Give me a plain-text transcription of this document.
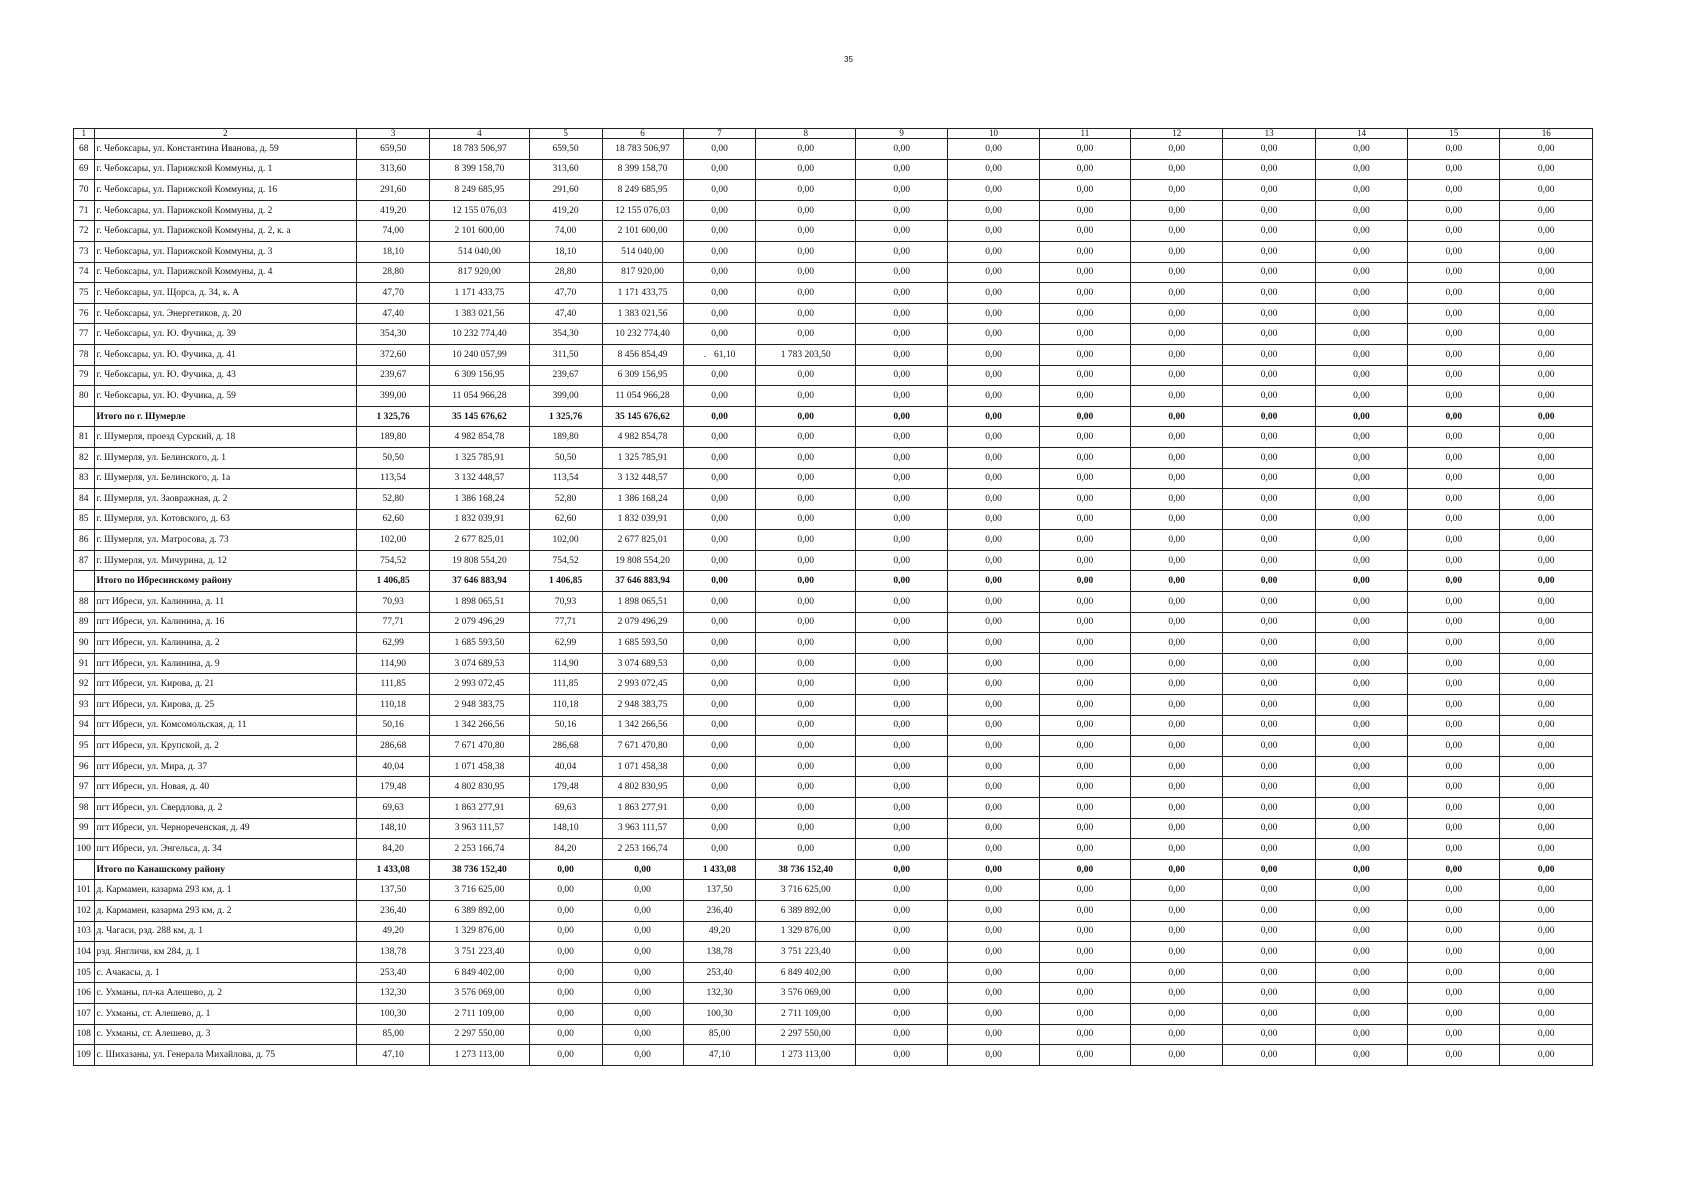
35
1	2	3	4	5	6	7	8	9	10	11	12	13	14	15	16
68	г. Чебоксары, ул. Константина Иванова, д. 59	659,50	18 783 506,97	659,50	18 783 506,97	0,00	0,00	0,00	0,00	0,00	0,00	0,00	0,00	0,00	0,00
69	г. Чебоксары, ул. Парижской Коммуны, д. 1	313,60	8 399 158,70	313,60	8 399 158,70	0,00	0,00	0,00	0,00	0,00	0,00	0,00	0,00	0,00	0,00
70	г. Чебоксары, ул. Парижской Коммуны, д. 16	291,60	8 249 685,95	291,60	8 249 685,95	0,00	0,00	0,00	0,00	0,00	0,00	0,00	0,00	0,00	0,00
71	г. Чебоксары, ул. Парижской Коммуны, д. 2	419,20	12 155 076,03	419,20	12 155 076,03	0,00	0,00	0,00	0,00	0,00	0,00	0,00	0,00	0,00	0,00
72	г. Чебоксары, ул. Парижской Коммуны, д. 2, к. а	74,00	2 101 600,00	74,00	2 101 600,00	0,00	0,00	0,00	0,00	0,00	0,00	0,00	0,00	0,00	0,00
73	г. Чебоксары, ул. Парижской Коммуны, д. 3	18,10	514 040,00	18,10	514 040,00	0,00	0,00	0,00	0,00	0,00	0,00	0,00	0,00	0,00	0,00
74	г. Чебоксары, ул. Парижской Коммуны, д. 4	28,80	817 920,00	28,80	817 920,00	0,00	0,00	0,00	0,00	0,00	0,00	0,00	0,00	0,00	0,00
75	г. Чебоксары, ул. Щорса, д. 34, к. А	47,70	1 171 433,75	47,70	1 171 433,75	0,00	0,00	0,00	0,00	0,00	0,00	0,00	0,00	0,00	0,00
76	г. Чебоксары, ул. Энергетиков, д. 20	47,40	1 383 021,56	47,40	1 383 021,56	0,00	0,00	0,00	0,00	0,00	0,00	0,00	0,00	0,00	0,00
77	г. Чебоксары, ул. Ю. Фучика, д. 39	354,30	10 232 774,40	354,30	10 232 774,40	0,00	0,00	0,00	0,00	0,00	0,00	0,00	0,00	0,00	0,00
78	г. Чебоксары, ул. Ю. Фучика, д. 41	372,60	10 240 057,99	311,50	8 456 854,49	. 61,10	1 783 203,50	0,00	0,00	0,00	0,00	0,00	0,00	0,00	0,00
79	г. Чебоксары, ул. Ю. Фучика, д. 43	239,67	6 309 156,95	239,67	6 309 156,95	0,00	0,00	0,00	0,00	0,00	0,00	0,00	0,00	0,00	0,00
80	г. Чебоксары, ул. Ю. Фучика, д. 59	399,00	11 054 966,28	399,00	11 054 966,28	0,00	0,00	0,00	0,00	0,00	0,00	0,00	0,00	0,00	0,00
	Итого по г. Шумерле	1 325,76	35 145 676,62	1 325,76	35 145 676,62	0,00	0,00	0,00	0,00	0,00	0,00	0,00	0,00	0,00	0,00
81	г. Шумерля, проезд Сурский, д. 18	189,80	4 982 854,78	189,80	4 982 854,78	0,00	0,00	0,00	0,00	0,00	0,00	0,00	0,00	0,00	0,00
82	г. Шумерля, ул. Белинского, д. 1	50,50	1 325 785,91	50,50	1 325 785,91	0,00	0,00	0,00	0,00	0,00	0,00	0,00	0,00	0,00	0,00
83	г. Шумерля, ул. Белинского, д. 1а	113,54	3 132 448,57	113,54	3 132 448,57	0,00	0,00	0,00	0,00	0,00	0,00	0,00	0,00	0,00	0,00
84	г. Шумерля, ул. Заовражная, д. 2	52,80	1 386 168,24	52,80	1 386 168,24	0,00	0,00	0,00	0,00	0,00	0,00	0,00	0,00	0,00	0,00
85	г. Шумерля, ул. Котовского, д. 63	62,60	1 832 039,91	62,60	1 832 039,91	0,00	0,00	0,00	0,00	0,00	0,00	0,00	0,00	0,00	0,00
86	г. Шумерля, ул. Матросова, д. 73	102,00	2 677 825,01	102,00	2 677 825,01	0,00	0,00	0,00	0,00	0,00	0,00	0,00	0,00	0,00	0,00
87	г. Шумерля, ул. Мичурина, д. 12	754,52	19 808 554,20	754,52	19 808 554,20	0,00	0,00	0,00	0,00	0,00	0,00	0,00	0,00	0,00	0,00
	Итого по Ибресинскому району	1 406,85	37 646 883,94	1 406,85	37 646 883,94	0,00	0,00	0,00	0,00	0,00	0,00	0,00	0,00	0,00	0,00
88	пгт Ибреси, ул. Калинина, д. 11	70,93	1 898 065,51	70,93	1 898 065,51	0,00	0,00	0,00	0,00	0,00	0,00	0,00	0,00	0,00	0,00
89	пгт Ибреси, ул. Калинина, д. 16	77,71	2 079 496,29	77,71	2 079 496,29	0,00	0,00	0,00	0,00	0,00	0,00	0,00	0,00	0,00	0,00
90	пгт Ибреси, ул. Калинина, д. 2	62,99	1 685 593,50	62,99	1 685 593,50	0,00	0,00	0,00	0,00	0,00	0,00	0,00	0,00	0,00	0,00
91	пгт Ибреси, ул. Калинина, д. 9	114,90	3 074 689,53	114,90	3 074 689,53	0,00	0,00	0,00	0,00	0,00	0,00	0,00	0,00	0,00	0,00
92	пгт Ибреси, ул. Кирова, д. 21	111,85	2 993 072,45	111,85	2 993 072,45	0,00	0,00	0,00	0,00	0,00	0,00	0,00	0,00	0,00	0,00
93	пгт Ибреси, ул. Кирова, д. 25	110,18	2 948 383,75	110,18	2 948 383,75	0,00	0,00	0,00	0,00	0,00	0,00	0,00	0,00	0,00	0,00
94	пгт Ибреси, ул. Комсомольская, д. 11	50,16	1 342 266,56	50,16	1 342 266,56	0,00	0,00	0,00	0,00	0,00	0,00	0,00	0,00	0,00	0,00
95	пгт Ибреси, ул. Крупской, д. 2	286,68	7 671 470,80	286,68	7 671 470,80	0,00	0,00	0,00	0,00	0,00	0,00	0,00	0,00	0,00	0,00
96	пгт Ибреси, ул. Мира, д. 37	40,04	1 071 458,38	40,04	1 071 458,38	0,00	0,00	0,00	0,00	0,00	0,00	0,00	0,00	0,00	0,00
97	пгт Ибреси, ул. Новая, д. 40	179,48	4 802 830,95	179,48	4 802 830,95	0,00	0,00	0,00	0,00	0,00	0,00	0,00	0,00	0,00	0,00
98	пгт Ибреси, ул. Свердлова, д. 2	69,63	1 863 277,91	69,63	1 863 277,91	0,00	0,00	0,00	0,00	0,00	0,00	0,00	0,00	0,00	0,00
99	пгт Ибреси, ул. Чернореченская, д. 49	148,10	3 963 111,57	148,10	3 963 111,57	0,00	0,00	0,00	0,00	0,00	0,00	0,00	0,00	0,00	0,00
100	пгт Ибреси, ул. Энгельса, д. 34	84,20	2 253 166,74	84,20	2 253 166,74	0,00	0,00	0,00	0,00	0,00	0,00	0,00	0,00	0,00	0,00
	Итого по Канашскому району	1 433,08	38 736 152,40	0,00	0,00	1 433,08	38 736 152,40	0,00	0,00	0,00	0,00	0,00	0,00	0,00	0,00
101	д. Кармамеи, казарма 293 км, д. 1	137,50	3 716 625,00	0,00	0,00	137,50	3 716 625,00	0,00	0,00	0,00	0,00	0,00	0,00	0,00	0,00
102	д. Кармамеи, казарма 293 км, д. 2	236,40	6 389 892,00	0,00	0,00	236,40	6 389 892,00	0,00	0,00	0,00	0,00	0,00	0,00	0,00	0,00
103	д. Чагаси, рзд. 288 км, д. 1	49,20	1 329 876,00	0,00	0,00	49,20	1 329 876,00	0,00	0,00	0,00	0,00	0,00	0,00	0,00	0,00
104	рзд. Янгличи, км 284, д. 1	138,78	3 751 223,40	0,00	0,00	138,78	3 751 223,40	0,00	0,00	0,00	0,00	0,00	0,00	0,00	0,00
105	с. Ачакасы, д. 1	253,40	6 849 402,00	0,00	0,00	253,40	6 849 402,00	0,00	0,00	0,00	0,00	0,00	0,00	0,00	0,00
106	с. Ухманы, пл-ка Алешево, д. 2	132,30	3 576 069,00	0,00	0,00	132,30	3 576 069,00	0,00	0,00	0,00	0,00	0,00	0,00	0,00	0,00
107	с. Ухманы, ст. Алешево, д. 1	100,30	2 711 109,00	0,00	0,00	100,30	2 711 109,00	0,00	0,00	0,00	0,00	0,00	0,00	0,00	0,00
108	с. Ухманы, ст. Алешево, д. 3	85,00	2 297 550,00	0,00	0,00	85,00	2 297 550,00	0,00	0,00	0,00	0,00	0,00	0,00	0,00	0,00
109	с. Шихазаны, ул. Генерала Михайлова, д. 75	47,10	1 273 113,00	0,00	0,00	47,10	1 273 113,00	0,00	0,00	0,00	0,00	0,00	0,00	0,00	0,00
